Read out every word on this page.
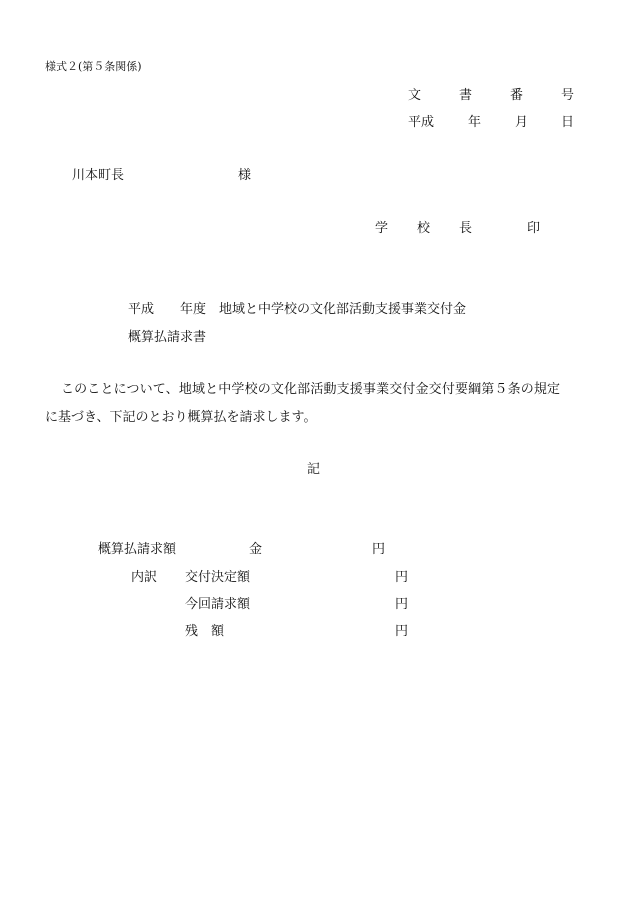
様式２(第５条関係)
文	書	番	号
平成	年	月	日
川本町長	様
学 校 長	印
平成　　年度　地域と中学校の文化部活動支援事業交付金
概算払請求書
このことについて、地域と中学校の文化部活動支援事業交付金交付要綱第５条の規定
に基づき、下記のとおり概算払を請求します。
記
概算払請求額	金	円
内訳 交付決定額	円
今回請求額	円
残　額	円
